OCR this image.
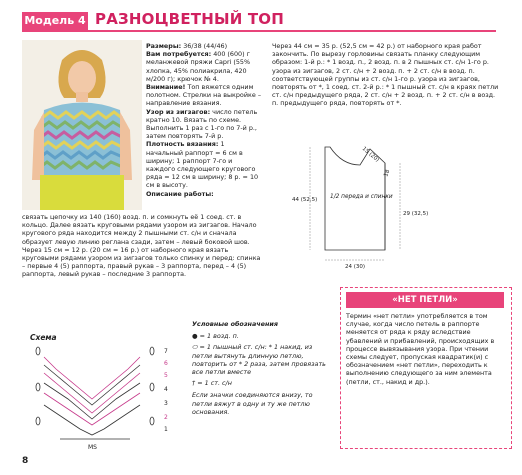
Модель 4 РАЗНОЦВЕТНЫЙ ТОП
Размеры: 36/38 (44/46)
Вам потребуется: 400 (600) г меланжевой пряжи Capri (55% хлопка, 45% полиакрила, 420 м/200 г); крючок № 4.
Внимание! Топ вяжется одним полотном. Стрелки на выкройке – направление вязания.
Узор из зигзагов: число петель кратно 10. Вязать по схеме. Выполнить 1 раз с 1-го по 7-й р., затем повторять 7-й р.
Плотность вязания: 1 начальный раппорт = 6 см в ширину; 1 раппорт 7-го и каждого следующего кругового ряда = 12 см в ширину; 8 р. = 10 см в высоту.
Описание работы:
связать цепочку из 140 (160) возд. п. и сомкнуть её 1 соед. ст. в кольцо. Далее вязать круговыми рядами узором из зигзагов. Начало кругового ряда находится между 2 пышными ст. с/н и сначала образует левую линию реглана сзади, затем – левый боковой шов. Через 15 см = 12 р. (20 см = 16 р.) от наборного края вязать круговыми рядами узором из зигзагов только спинку и перед: спинка – первые 4 (5) раппорта, правый рукав – 3 раппорта, перед – 4 (5) раппорта, левый рукав – последние 3 раппорта.
Через 44 см = 35 р. (52,5 см = 42 р.) от наборного края работ закончить. По вырезу горловины связать планку следующим образом: 1-й р.: * 1 возд. п., 2 возд. п. в 2 пышных ст. с/н 1-го р. узора из зигзагов, 2 ст. с/н + 2 возд. п. + 2 ст. с/н в возд. п. соответствующей группы из ст. с/н 1-го р. узора из зигзагов, повторять от *, 1 соед. ст. 2-й р.: * 1 пышный ст. с/н в краях петли ст. с/н предыдущего ряда, 2 ст. с/н + 2 возд. п. + 2 ст. с/н в возд. п. предыдущего ряда, повторять от *.
15 (20)
18
44 (52,5)
29 (32,5)
24 (30)
1/2 переда и спинки
Схема
7
6
5
4
3
2
1
MS
Условные обозначения
● = 1 возд. п.
⬭ = 1 пышный ст. с/н: * 1 накид, из петли вытянуть длинную петлю, повторить от * 2 раза, затем провязать все петли вместе
† = 1 ст. с/н
Если значки соединяются внизу, то петли вяжут в одну и ту же петлю основания.
«НЕТ ПЕТЛИ»
Термин «нет петли» употребляется в том случае, когда число петель в раппорте меняется от ряда к ряду вследствие убавлений и прибавлений, происходящих в процессе вывязывания узора. При чтении схемы следует, пропуская квадратик(и) с обозначением «нет петли», переходить к выполнению следующего за ним элемента (петли, ст., накид и др.).
8
